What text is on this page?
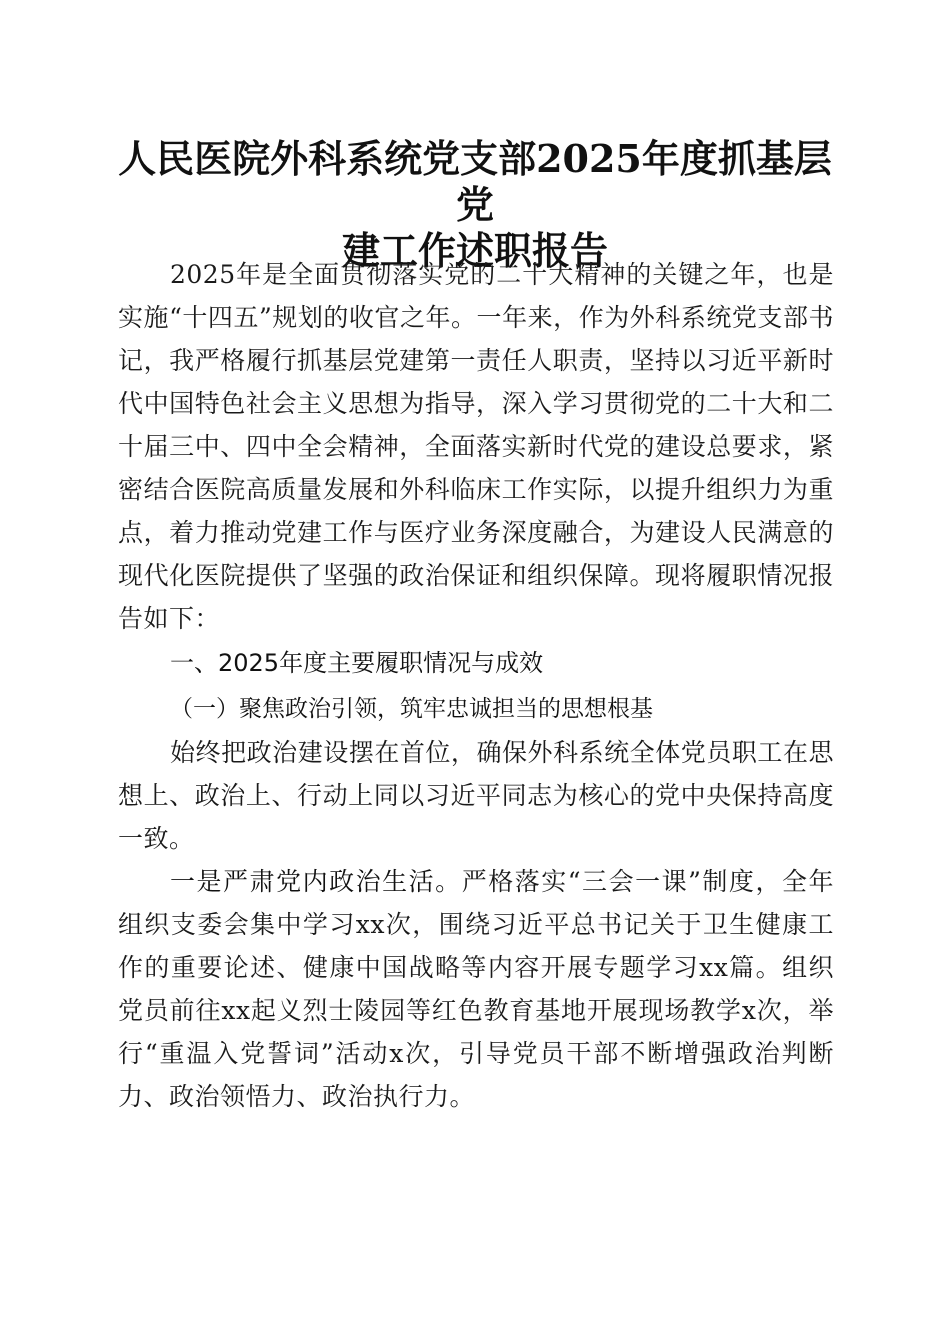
人民医院外科系统党支部2025年度抓基层党
建工作述职报告

2025年是全面贯彻落实党的二十大精神的关键之年，也是实施“十四五”规划的收官之年。一年来，作为外科系统党支部书记，我严格履行抓基层党建第一责任人职责，坚持以习近平新时代中国特色社会主义思想为指导，深入学习贯彻党的二十大和二十届三中、四中全会精神，全面落实新时代党的建设总要求，紧密结合医院高质量发展和外科临床工作实际，以提升组织力为重点，着力推动党建工作与医疗业务深度融合，为建设人民满意的现代化医院提供了坚强的政治保证和组织保障。现将履职情况报告如下：

一、2025年度主要履职情况与成效

（一）聚焦政治引领，筑牢忠诚担当的思想根基

始终把政治建设摆在首位，确保外科系统全体党员职工在思想上、政治上、行动上同以习近平同志为核心的党中央保持高度一致。

一是严肃党内政治生活。严格落实“三会一课”制度，全年组织支委会集中学习xx次，围绕习近平总书记关于卫生健康工作的重要论述、健康中国战略等内容开展专题学习xx篇。组织党员前往xx起义烈士陵园等红色教育基地开展现场教学x次，举行“重温入党誓词”活动x次，引导党员干部不断增强政治判断力、政治领悟力、政治执行力。
